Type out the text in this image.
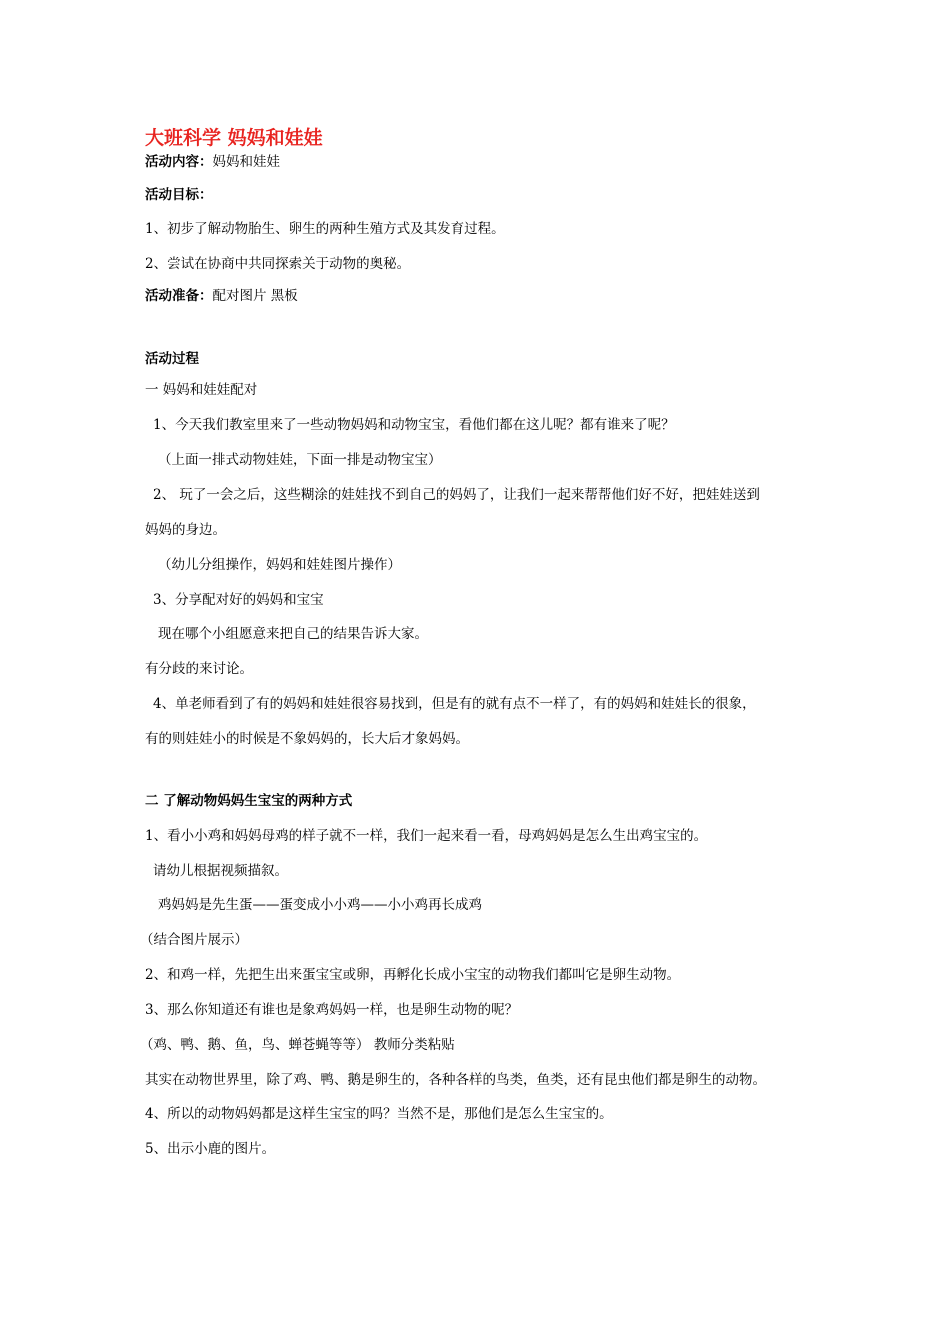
大班科学 妈妈和娃娃
活动内容：妈妈和娃娃
活动目标：
1、初步了解动物胎生、卵生的两种生殖方式及其发育过程。
2、尝试在协商中共同探索关于动物的奥秘。
活动准备：配对图片 黑板
活动过程
一 妈妈和娃娃配对
1、今天我们教室里来了一些动物妈妈和动物宝宝，看他们都在这儿呢？都有谁来了呢？
（上面一排式动物娃娃，下面一排是动物宝宝）
2、 玩了一会之后，这些糊涂的娃娃找不到自己的妈妈了，让我们一起来帮帮他们好不好，把娃娃送到
妈妈的身边。
（幼儿分组操作，妈妈和娃娃图片操作）
3、分享配对好的妈妈和宝宝
现在哪个小组愿意来把自己的结果告诉大家。
有分歧的来讨论。
4、单老师看到了有的妈妈和娃娃很容易找到，但是有的就有点不一样了，有的妈妈和娃娃长的很象，
有的则娃娃小的时候是不象妈妈的，长大后才象妈妈。
二 了解动物妈妈生宝宝的两种方式
1、看小小鸡和妈妈母鸡的样子就不一样，我们一起来看一看，母鸡妈妈是怎么生出鸡宝宝的。
请幼儿根据视频描叙。
鸡妈妈是先生蛋——蛋变成小小鸡——小小鸡再长成鸡
（结合图片展示）
2、和鸡一样，先把生出来蛋宝宝或卵，再孵化长成小宝宝的动物我们都叫它是卵生动物。
3、那么你知道还有谁也是象鸡妈妈一样，也是卵生动物的呢？
（鸡、鸭、鹅、鱼，鸟、蝉苍蝇等等） 教师分类粘贴
其实在动物世界里，除了鸡、鸭、鹅是卵生的，各种各样的鸟类，鱼类，还有昆虫他们都是卵生的动物。
4、所以的动物妈妈都是这样生宝宝的吗？当然不是，那他们是怎么生宝宝的。
5、出示小鹿的图片。
